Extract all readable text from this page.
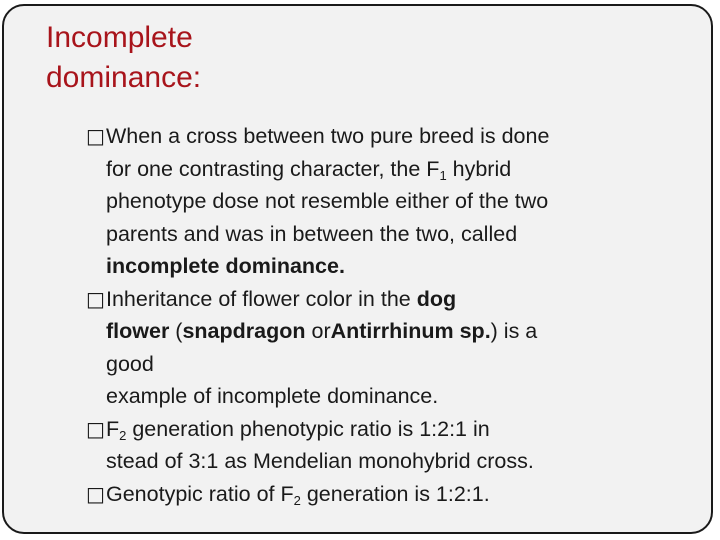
Incomplete
dominance:
□ When a cross between two pure breed is done
for one contrasting character, the $F_1$ hybrid
phenotype dose not resemble either of the two
parents and was in between the two, called
incomplete dominance.
□ Inheritance of flower color in the dog
flower (snapdragon orAntirrhinum sp.) is a
good
example of incomplete dominance.
□ $F_2$ generation phenotypic ratio is 1:2:1 in
stead of 3:1 as Mendelian monohybrid cross.
□ Genotypic ratio of $F_2$ generation is 1:2:1.
